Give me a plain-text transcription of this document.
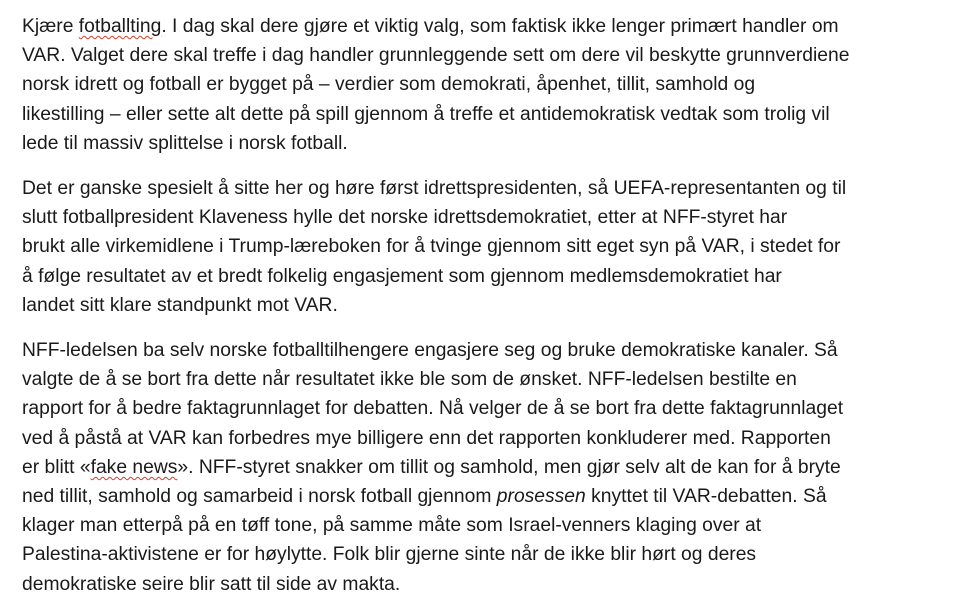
Kjære fotballting. I dag skal dere gjøre et viktig valg, som faktisk ikke lenger primært handler om
VAR. Valget dere skal treffe i dag handler grunnleggende sett om dere vil beskytte grunnverdiene
norsk idrett og fotball er bygget på – verdier som demokrati, åpenhet, tillit, samhold og
likestilling – eller sette alt dette på spill gjennom å treffe et antidemokratisk vedtak som trolig vil
lede til massiv splittelse i norsk fotball.

Det er ganske spesielt å sitte her og høre først idrettspresidenten, så UEFA-representanten og til
slutt fotballpresident Klaveness hylle det norske idrettsdemokratiet, etter at NFF-styret har
brukt alle virkemidlene i Trump-læreboken for å tvinge gjennom sitt eget syn på VAR, i stedet for
å følge resultatet av et bredt folkelig engasjement som gjennom medlemsdemokratiet har
landet sitt klare standpunkt mot VAR.

NFF-ledelsen ba selv norske fotballtilhengere engasjere seg og bruke demokratiske kanaler. Så
valgte de å se bort fra dette når resultatet ikke ble som de ønsket. NFF-ledelsen bestilte en
rapport for å bedre faktagrunnlaget for debatten. Nå velger de å se bort fra dette faktagrunnlaget
ved å påstå at VAR kan forbedres mye billigere enn det rapporten konkluderer med. Rapporten
er blitt «fake news». NFF-styret snakker om tillit og samhold, men gjør selv alt de kan for å bryte
ned tillit, samhold og samarbeid i norsk fotball gjennom prosessen knyttet til VAR-debatten. Så
klager man etterpå på en tøff tone, på samme måte som Israel-venners klaging over at
Palestina-aktivistene er for høylytte. Folk blir gjerne sinte når de ikke blir hørt og deres
demokratiske seire blir satt til side av makta.
